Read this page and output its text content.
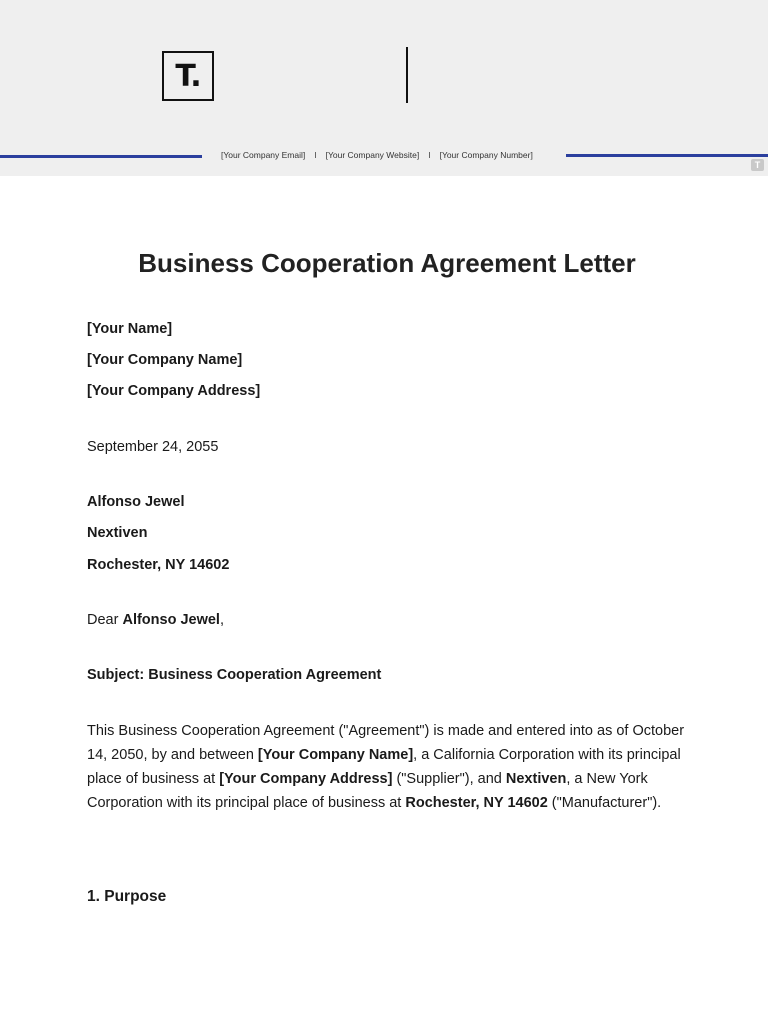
T.
[Your Company Email] I [Your Company Website] I [Your Company Number]
T
Business Cooperation Agreement Letter

[Your Name]

[Your Company Name]

[Your Company Address]

September 24, 2055

Alfonso Jewel

Nextiven

Rochester, NY 14602

Dear Alfonso Jewel,

Subject: Business Cooperation Agreement

This Business Cooperation Agreement ("Agreement") is made and entered into as of October 14, 2050, by and between [Your Company Name], a California Corporation with its principal place of business at [Your Company Address] ("Supplier"), and Nextiven, a New York Corporation with its principal place of business at Rochester, NY 14602 ("Manufacturer").

1. Purpose
